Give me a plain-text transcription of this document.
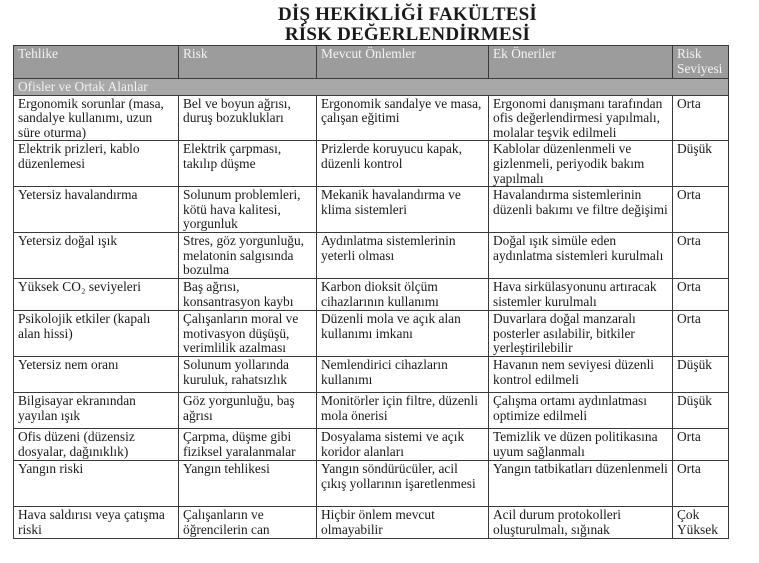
DİŞ HEKİKLİĞİ FAKÜLTESİ
RİSK DEĞERLENDİRMESİ
Tehlike	Risk	Mevcut Önlemler	Ek Öneriler	Risk Seviyesi
Ofisler ve Ortak Alanlar				
Ergonomik sorunlar (masa, sandalye kullanımı, uzun süre oturma)	Bel ve boyun ağrısı, duruş bozuklukları	Ergonomik sandalye ve masa, çalışan eğitimi	Ergonomi danışmanı tarafından ofis değerlendirmesi yapılmalı, molalar teşvik edilmeli	Orta
Elektrik prizleri, kablo düzenlemesi	Elektrik çarpması, takılıp düşme	Prizlerde koruyucu kapak, düzenli kontrol	Kablolar düzenlenmeli ve gizlenmeli, periyodik bakım yapılmalı	Düşük
Yetersiz havalandırma	Solunum problemleri, kötü hava kalitesi, yorgunluk	Mekanik havalandırma ve klima sistemleri	Havalandırma sistemlerinin düzenli bakımı ve filtre değişimi	Orta
Yetersiz doğal ışık	Stres, göz yorgunluğu, melatonin salgısında bozulma	Aydınlatma sistemlerinin yeterli olması	Doğal ışık simüle eden aydınlatma sistemleri kurulmalı	Orta
Yüksek CO₂ seviyeleri	Baş ağrısı, konsantrasyon kaybı	Karbon dioksit ölçüm cihazlarının kullanımı	Hava sirkülasyonunu artıracak sistemler kurulmalı	Orta
Psikolojik etkiler (kapalı alan hissi)	Çalışanların moral ve motivasyon düşüşü, verimlilik azalması	Düzenli mola ve açık alan kullanımı imkanı	Duvarlara doğal manzaralı posterler asılabilir, bitkiler yerleştirilebilir	Orta
Yetersiz nem oranı	Solunum yollarında kuruluk, rahatsızlık	Nemlendirici cihazların kullanımı	Havanın nem seviyesi düzenli kontrol edilmeli	Düşük
Bilgisayar ekranından yayılan ışık	Göz yorgunluğu, baş ağrısı	Monitörler için filtre, düzenli mola önerisi	Çalışma ortamı aydınlatması optimize edilmeli	Düşük
Ofis düzeni (düzensiz dosyalar, dağınıklık)	Çarpma, düşme gibi fiziksel yaralanmalar	Dosyalama sistemi ve açık koridor alanları	Temizlik ve düzen politikasına uyum sağlanmalı	Orta
Yangın riski	Yangın tehlikesi	Yangın söndürücüler, acil çıkış yollarının işaretlenmesi	Yangın tatbikatları düzenlenmeli	Orta
Hava saldırısı veya çatışma riski	Çalışanların ve öğrencilerin can	Hiçbir önlem mevcut olmayabilir	Acil durum protokolleri oluşturulmalı, sığınak	Çok Yüksek
